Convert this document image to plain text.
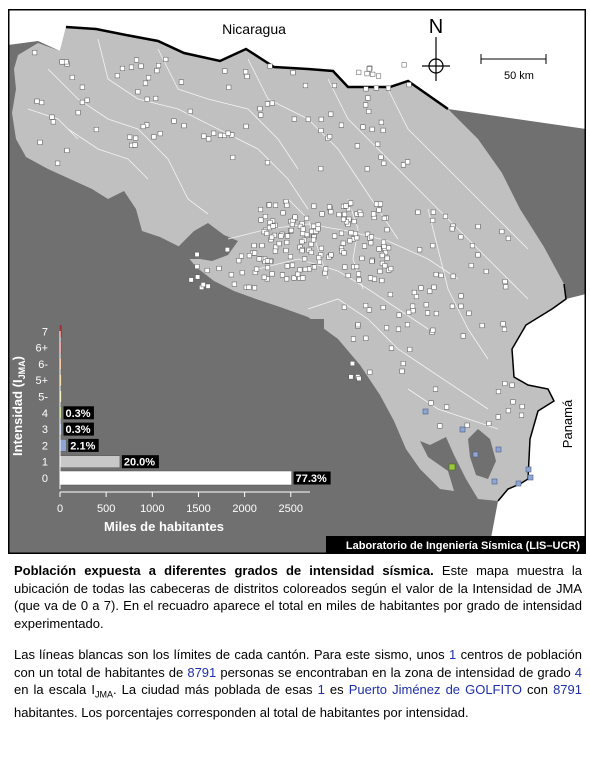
N
50 km
Nicaragua
Panamá
0	77.3%
1	20.0%
2 2.1%
3 0.3%
4 0.3%
5-
5+
6-
6+
7
0	500 1000 1500 2000 2500
Miles de habitantes
Intensidad $(I_{JMA})$
Laboratorio de Ingeniería Sísmica (LIS–UCR)
Población expuesta a diferentes grados de intensidad sísmica. Este mapa muestra la ubicación de todas las cabeceras de distritos coloreados según el valor de la Intensidad de JMA (que va de 0 a 7). En el recuadro aparece el total en miles de habitantes por grado de intensidad experimentado.
Las líneas blancas son los límites de cada cantón. Para este sismo, unos 1 centros de población con un total de habitantes de 8791 personas se encontraban en la zona de intensidad de grado 4 en la escala $I_{JMA}$. La ciudad más poblada de esas 1 es Puerto Jiménez de GOLFITO con 8791 habitantes. Los porcentajes corresponden al total de habitantes por intensidad.
